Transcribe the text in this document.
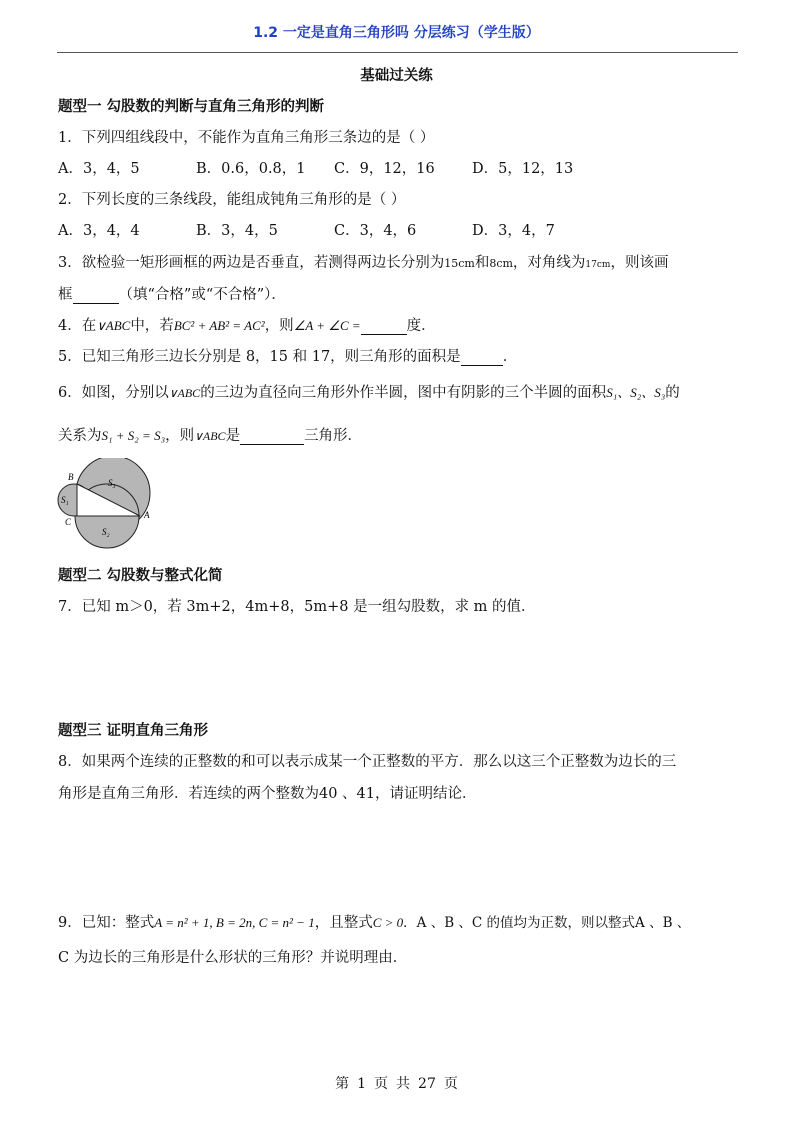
1.2 一定是直角三角形吗 分层练习（学生版）
基础过关练
题型一 勾股数的判断与直角三角形的判断
1．下列四组线段中，不能作为直角三角形三条边的是（ ）
A．3，4，5	B．0.6，0.8，1 C．9，12，16	D．5，12，13
2．下列长度的三条线段，能组成钝角三角形的是（ ）
A．3，4，4	B．3，4，5	C．3，4，6	D．3，4，7
3．欲检验一矩形画框的两边是否垂直，若测得两边长分别为15cm和8cm，对角线为17cm，则该画
框	（填“合格”或“不合格”）．
4．在∨ABC中，若BC² + AB² = AC²，则∠A + ∠C =	度．
5．已知三角形三边长分别是 8，15 和 17，则三角形的面积是	．
6．如图，分别以∨ABC的三边为直径向三角形外作半圆，图中有阴影的三个半圆的面积S₁、S₂、S₃的
关系为S₁ + S₂ = S₃，则∨ABC是	三角形．
B
S₃
S₁
C
A
S₂
题型二 勾股数与整式化简
7．已知 m＞0，若 3m+2，4m+8，5m+8 是一组勾股数，求 m 的值．
题型三 证明直角三角形
8．如果两个连续的正整数的和可以表示成某一个正整数的平方．那么以这三个正整数为边长的三
角形是直角三角形．若连续的两个整数为40 、41，请证明结论．
9．已知：整式A = n² + 1, B = 2n, C = n² − 1，且整式C > 0．A 、B 、C 的值均为正数，则以整式A 、B 、
C 为边长的三角形是什么形状的三角形？并说明理由．
第 1 页 共 27 页
